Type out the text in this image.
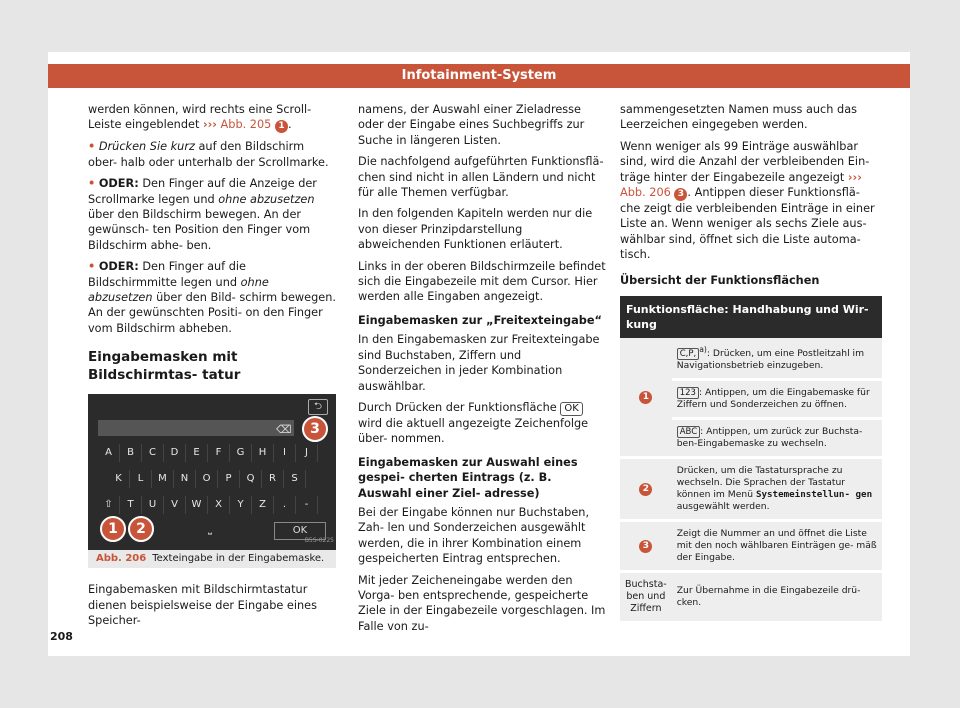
Infotainment-System

werden können, wird rechts eine Scroll-Leiste eingeblendet ››› Abb. 205 1 .

• Drücken Sie kurz auf den Bildschirm ober- halb oder unterhalb der Scrollmarke.

• ODER: Den Finger auf die Anzeige der Scrollmarke legen und ohne abzusetzen über den Bildschirm bewegen. An der gewünsch- ten Position den Finger vom Bildschirm abhe- ben.

• ODER: Den Finger auf die Bildschirmmitte legen und ohne abzusetzen über den Bild- schirm bewegen. An der gewünschten Positi- on den Finger vom Bildschirm abheben.

Eingabemasken mit Bildschirmtas- tatur
⮌
⌫	3
A	B	C	D	E	F	G	H	I	J
K	L	M	N	O	P	Q	R	S
⇧	T	U	V	W	X	Y	Z	.	-
1	2	⎵	OK
B5S-0225
Abb. 206 Texteingabe in der Eingabemaske.

Eingabemasken mit Bildschirmtastatur dienen beispielsweise der Eingabe eines Speicher-

namens, der Auswahl einer Zieladresse oder der Eingabe eines Suchbegriffs zur Suche in längeren Listen.

Die nachfolgend aufgeführten Funktionsflä- chen sind nicht in allen Ländern und nicht für alle Themen verfügbar.

In den folgenden Kapiteln werden nur die von dieser Prinzipdarstellung abweichenden Funktionen erläutert.

Links in der oberen Bildschirmzeile befindet sich die Eingabezeile mit dem Cursor. Hier werden alle Eingaben angezeigt.

Eingabemasken zur „Freitexteingabe“

In den Eingabemasken zur Freitexteingabe sind Buchstaben, Ziffern und Sonderzeichen in jeder Kombination auswählbar.

Durch Drücken der Funktionsfläche OK wird die aktuell angezeigte Zeichenfolge über- nommen.

Eingabemasken zur Auswahl eines gespei- cherten Eintrags (z. B. Auswahl einer Ziel- adresse)

Bei der Eingabe können nur Buchstaben, Zah- len und Sonderzeichen ausgewählt werden, die in ihrer Kombination einem gespeicherten Eintrag entsprechen.

Mit jeder Zeicheneingabe werden den Vorga- ben entsprechende, gespeicherte Ziele in der Eingabezeile vorgeschlagen. Im Falle von zu-

sammengesetzten Namen muss auch das Leerzeichen eingegeben werden.

Wenn weniger als 99 Einträge auswählbar sind, wird die Anzahl der verbleibenden Ein- träge hinter der Eingabezeile angezeigt ››› Abb. 206 3 . Antippen dieser Funktionsflä- che zeigt die verbleibenden Einträge in einer Liste an. Wenn weniger als sechs Ziele aus- wählbar sind, öffnet sich die Liste automa- tisch.

Übersicht der Funktionsflächen
Funktionsfläche: Handhabung und Wir- kung	
1	C,P, $^{a)}$: Drücken, um eine Postleitzahl im Navigationsbetrieb einzugeben.
	123 : Antippen, um die Eingabemaske für Ziffern und Sonderzeichen zu öffnen.
	ABC : Antippen, um zurück zur Buchsta- ben-Eingabemaske zu wechseln.
2	Drücken, um die Tastatursprache zu wechseln. Die Sprachen der Tastatur können im Menü Systemeinstellun- gen ausgewählt werden.
3	Zeigt die Nummer an und öffnet die Liste mit den noch wählbaren Einträgen ge- mäß der Eingabe.
Buchsta- ben und Ziffern	Zur Übernahme in die Eingabezeile drü- cken.
208
